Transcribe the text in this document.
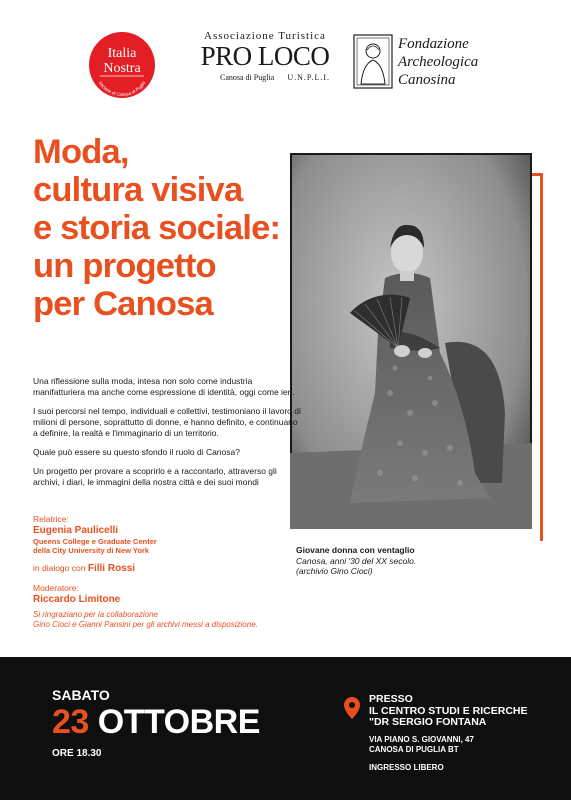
Italia
Nostra
Sezione di Canosa di Puglia
Associazione Turistica
PRO LOCO
Canosa di Puglia U.N.P.L.I.
Fondazione
Archeologica
Canosina
Moda,
cultura visiva
e storia sociale:
un progetto
per Canosa
Giovane donna con ventaglio
Canosa, anni '30 del XX secolo.
(archivio Gino Cioci)

Una riflessione sulla moda, intesa non solo come industria manifatturiera ma anche come espressione di identità, oggi come ieri.

I suoi percorsi nel tempo, individuali e collettivi, testimoniano il lavoro di milioni di persone, soprattutto di donne, e hanno definito, e continuano a definire, la realtà e l'immaginario di un territorio.

Quale può essere su questo sfondo il ruolo di Canosa?

Un progetto per provare a scoprirlo e a raccontarlo, attraverso gli archivi, i diari, le immagini della nostra città e dei suoi mondi

Relatrice:
Eugenia Paulicelli
Queens College e Graduate Center
della City University di New York
in dialogo con Filli Rossi
Moderatore:
Riccardo Limitone
Si ringraziano per la collaborazione
Gino Cioci e Gianni Pansini per gli archivi messi a disposizione.
SABATO
23 OTTOBRE
ORE 18.30
PRESSO
IL CENTRO STUDI E RICERCHE
"DR SERGIO FONTANA
VIA PIANO S. GIOVANNI, 47
CANOSA DI PUGLIA BT
INGRESSO LIBERO
